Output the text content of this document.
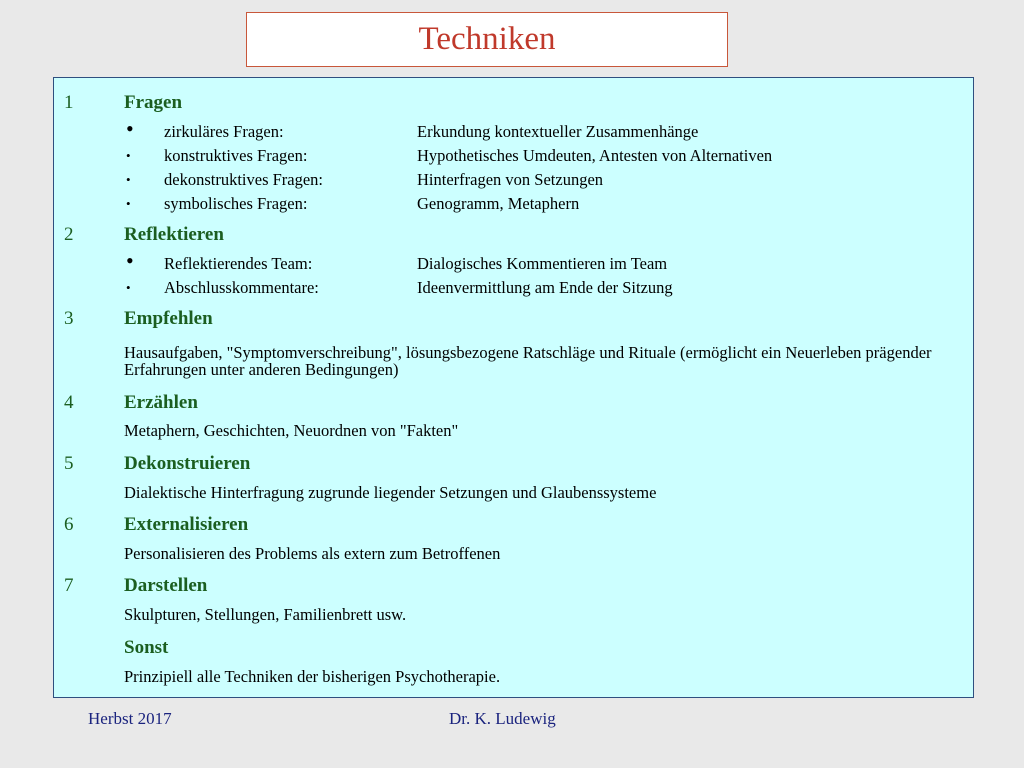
Techniken
1	Fragen
• zirkuläres Fragen:	Erkundung kontextueller Zusammenhänge
• konstruktives Fragen:	Hypothetisches Umdeuten, Antesten von Alternativen
• dekonstruktives Fragen:	Hinterfragen von Setzungen
• symbolisches Fragen:	Genogramm, Metaphern
2	Reflektieren
• Reflektierendes Team:	Dialogisches Kommentieren im Team
• Abschlusskommentare:	Ideenvermittlung am Ende der Sitzung
3	Empfehlen
Hausaufgaben, "Symptomverschreibung", lösungsbezogene Ratschläge und Rituale (ermöglicht ein Neuerleben prägender Erfahrungen unter anderen Bedingungen)
4	Erzählen
Metaphern, Geschichten, Neuordnen von "Fakten"
5	Dekonstruieren
Dialektische Hinterfragung zugrunde liegender Setzungen und Glaubenssysteme
6	Externalisieren
Personalisieren des Problems als extern zum Betroffenen
7	Darstellen
Skulpturen, Stellungen, Familienbrett usw.
Sonst
Prinzipiell alle Techniken der bisherigen Psychotherapie.
Herbst 2017	Dr. K. Ludewig
